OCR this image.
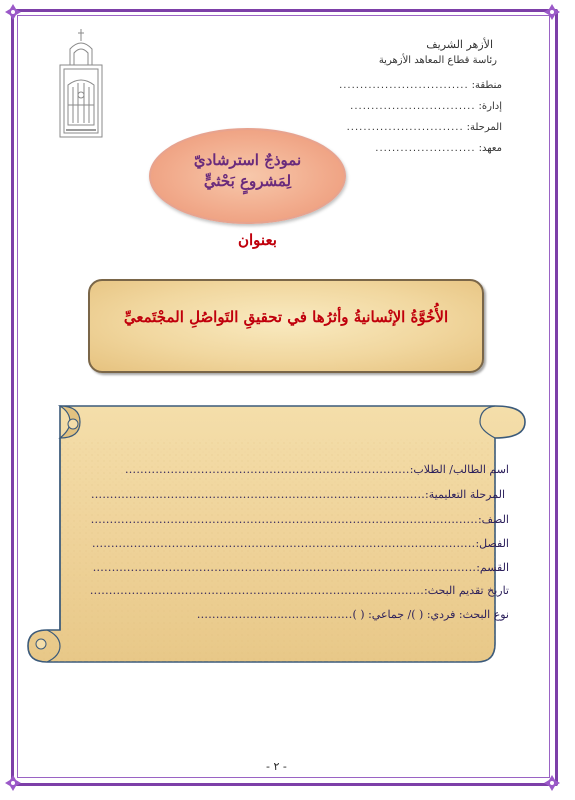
الأزهر الشريف
رئاسة قطاع المعاهد الأزهرية
منطقة:...............................
إدارة:..............................
المرحلة:............................
معهد:........................
نموذجٌ استرشاديّ
لِمَشروعٍ بَحْثيٍّ
بعنوان
الأُخُوَّةُ الإنْسانيةُ وأثرُها في تحقيقِ التَواصُلِ المجْتَمعيِّ
اسم الطالب/ الطلاب:...........................................................................
المرحلة التعليمية:........................................................................................
الصف:......................................................................................................
الفصل:.....................................................................................................
القسم:.....................................................................................................
تاريخ تقديم البحث:........................................................................................
نوع البحث: فردي: ( )/ جماعي: ( ).........................................
- ٢ -
